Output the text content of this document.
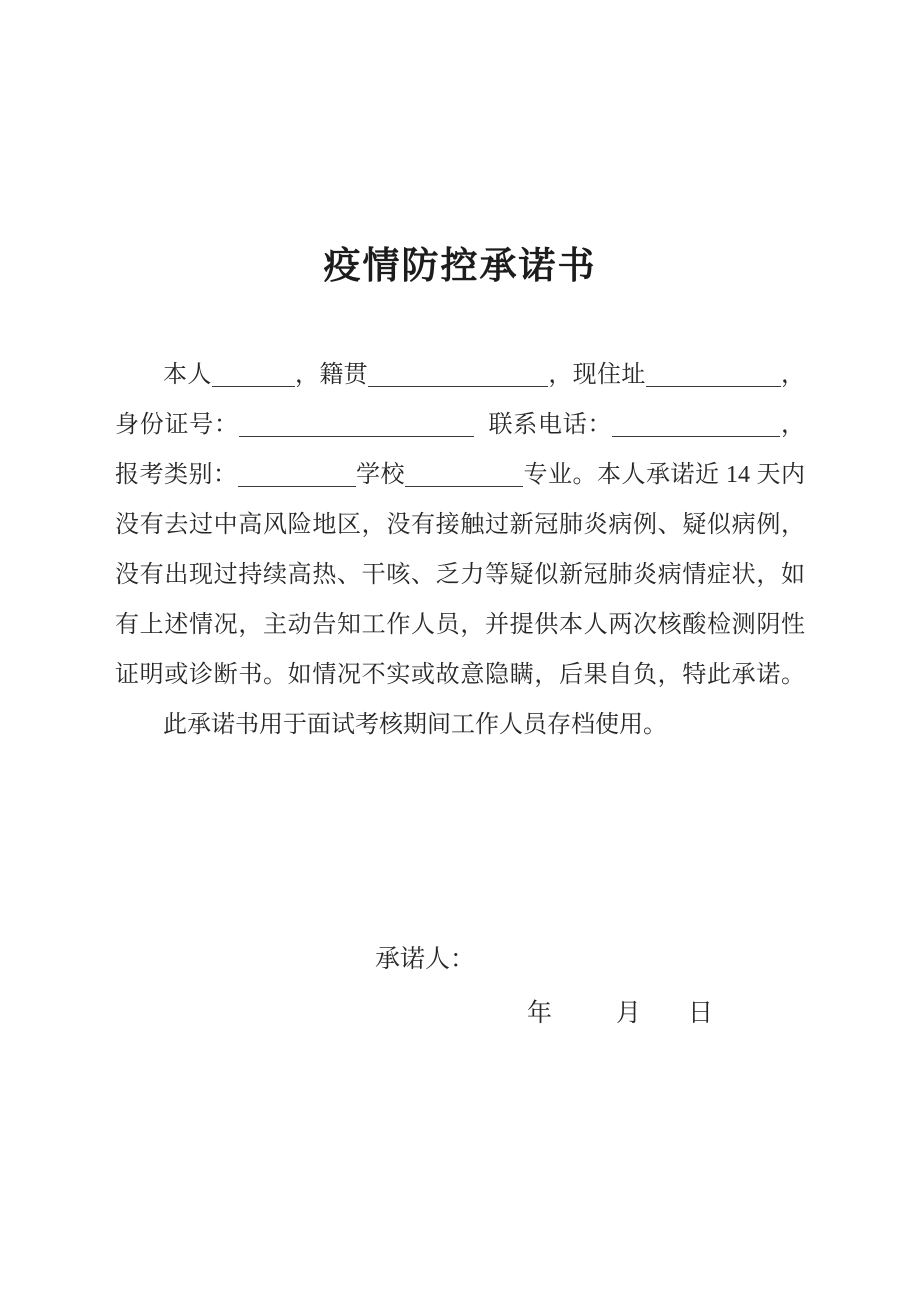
疫情防控承诺书
本人	，籍贯	，现住址	，
身份证号：	联系电话：	，
报考类别：	学校	专业。本人承诺近 14 天内
没有去过中高风险地区，没有接触过新冠肺炎病例、疑似病例，
没有出现过持续高热、干咳、乏力等疑似新冠肺炎病情症状，如
有上述情况，主动告知工作人员，并提供本人两次核酸检测阴性
证明或诊断书。如情况不实或故意隐瞒，后果自负，特此承诺。
此承诺书用于面试考核期间工作人员存档使用。
承诺人：
年	月 日
